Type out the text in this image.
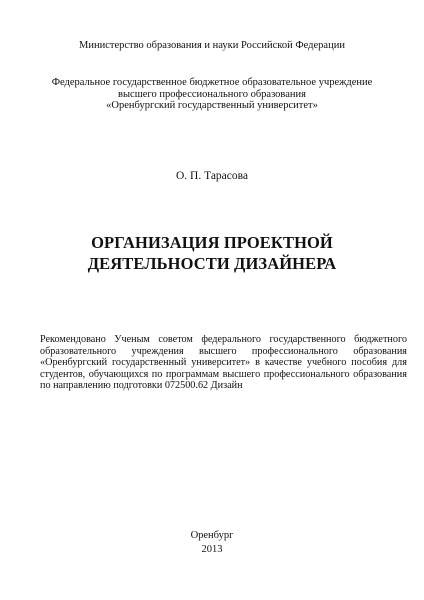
Министерство образования и науки Российской Федерации
Федеральное государственное бюджетное образовательное учреждение
высшего профессионального образования
«Оренбургский государственный университет»
О. П. Тарасова
ОРГАНИЗАЦИЯ ПРОЕКТНОЙ
ДЕЯТЕЛЬНОСТИ ДИЗАЙНЕРА
Рекомендовано Ученым советом федерального государственного бюджетного
образовательного учреждения высшего профессионального образования
«Оренбургский государственный университет» в качестве учебного пособия для
студентов, обучающихся по программам высшего профессионального образования
по направлению подготовки 072500.62 Дизайн
Оренбург
2013
